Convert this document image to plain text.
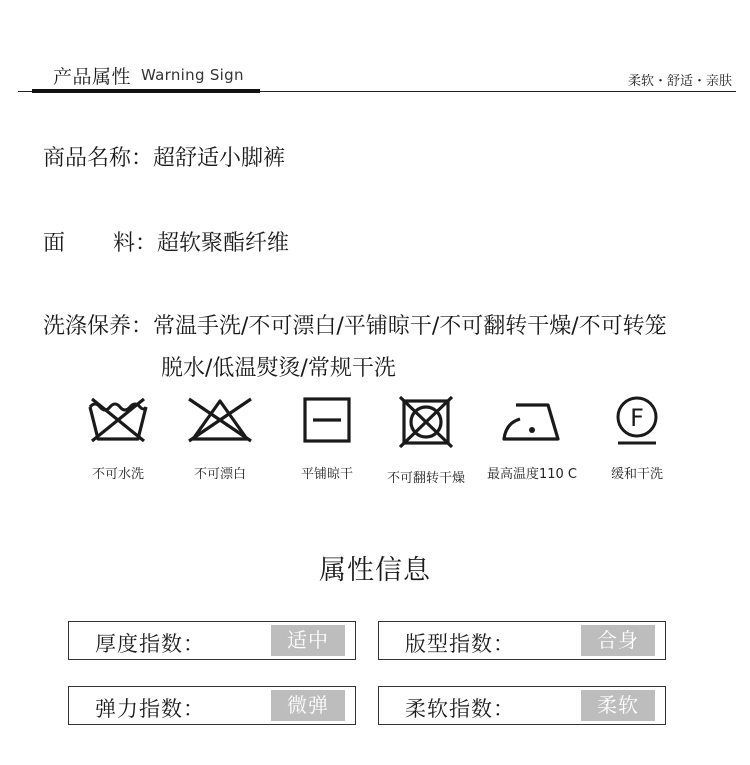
产品属性 Warning Sign	柔软・舒适・亲肤
商品名称：超舒适小脚裤
面 料：超软聚酯纤维
洗涤保养：常温手洗/不可漂白/平铺晾干/不可翻转干燥/不可转笼
脱水/低温熨烫/常规干洗
不可水洗	不可漂白	平铺晾干	不可翻转干燥	最高温度110 C
F
缓和干洗
属性信息
厚度指数：	适中	版型指数：	合身
弹力指数：	微弹	柔软指数：	柔软
